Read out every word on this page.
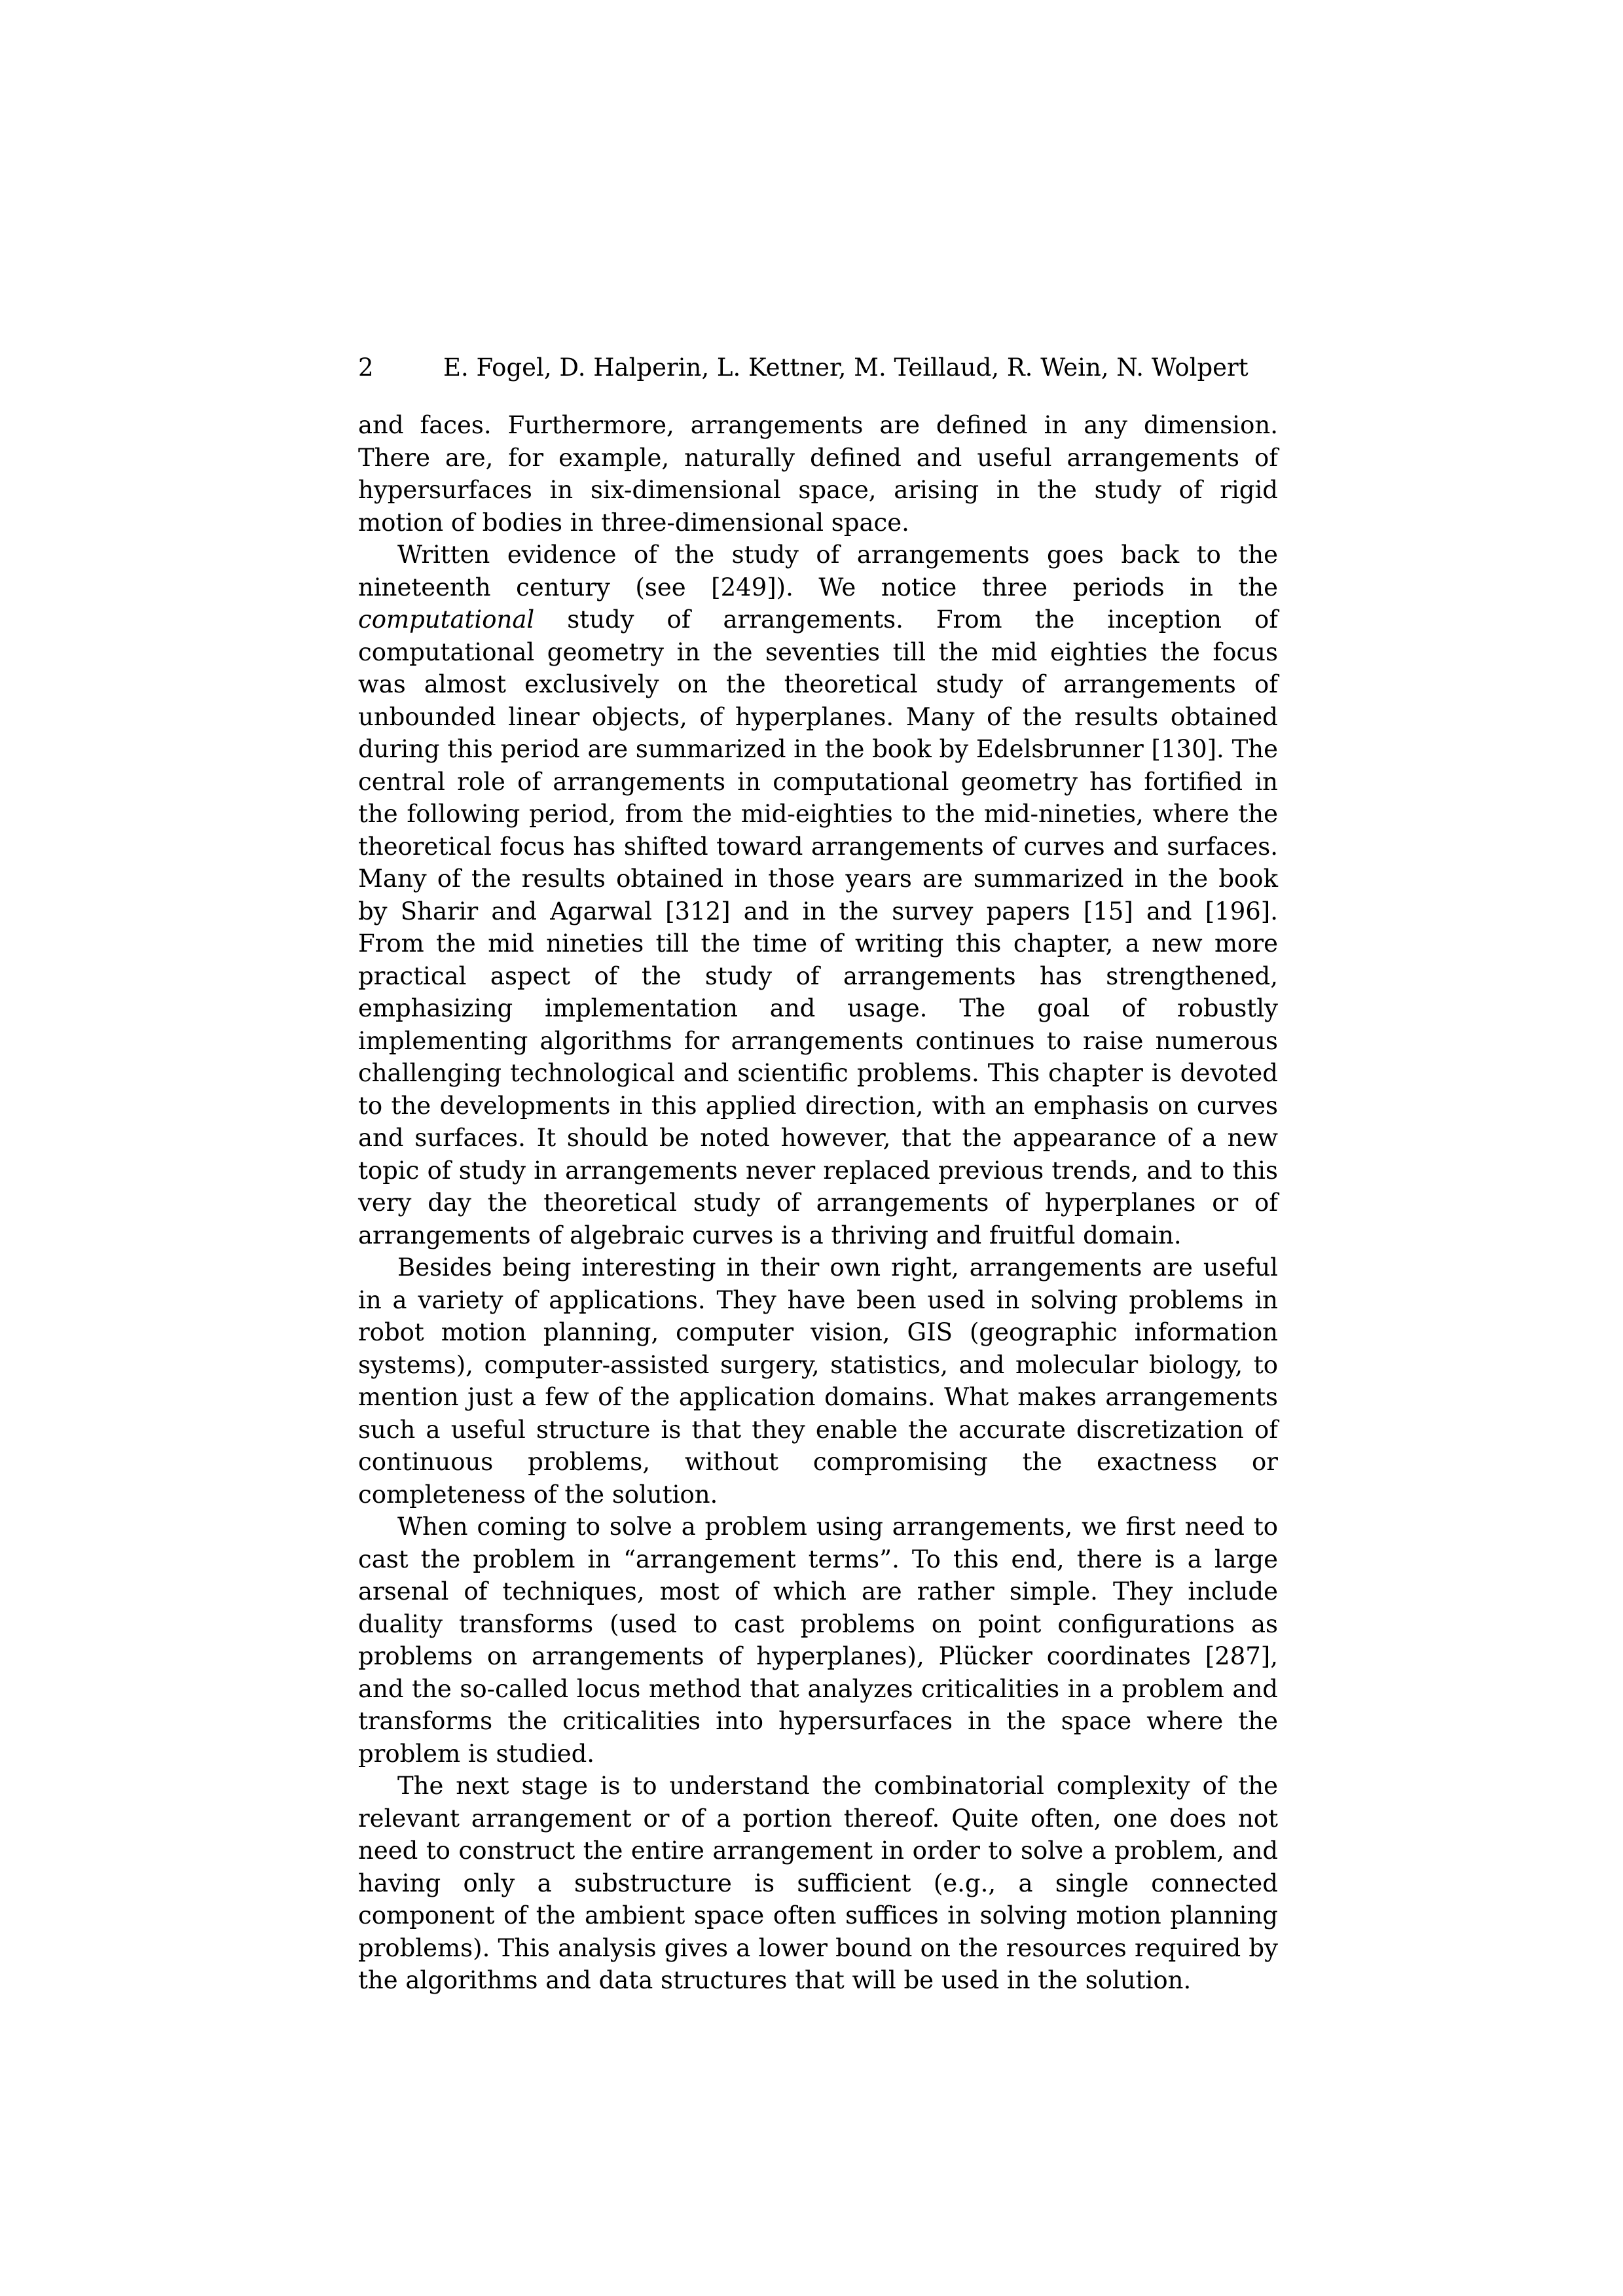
2	E. Fogel, D. Halperin, L. Kettner, M. Teillaud, R. Wein, N. Wolpert

and faces. Furthermore, arrangements are defined in any dimension. There are, for example, naturally defined and useful arrangements of hypersurfaces in six-dimensional space, arising in the study of rigid motion of bodies in three-dimensional space.

Written evidence of the study of arrangements goes back to the nineteenth century (see [249]). We notice three periods in the computational study of arrangements. From the inception of computational geometry in the seventies till the mid eighties the focus was almost exclusively on the theoretical study of arrangements of unbounded linear objects, of hyperplanes. Many of the results obtained during this period are summarized in the book by Edelsbrunner [130]. The central role of arrangements in computational geometry has fortified in the following period, from the mid-eighties to the mid-nineties, where the theoretical focus has shifted toward arrangements of curves and surfaces. Many of the results obtained in those years are summarized in the book by Sharir and Agarwal [312] and in the survey papers [15] and [196]. From the mid nineties till the time of writing this chapter, a new more practical aspect of the study of arrangements has strengthened, emphasizing implementation and usage. The goal of robustly implementing algorithms for arrangements continues to raise numerous challenging technological and scientific problems. This chapter is devoted to the developments in this applied direction, with an emphasis on curves and surfaces. It should be noted however, that the appearance of a new topic of study in arrangements never replaced previous trends, and to this very day the theoretical study of arrangements of hyperplanes or of arrangements of algebraic curves is a thriving and fruitful domain.

Besides being interesting in their own right, arrangements are useful in a variety of applications. They have been used in solving problems in robot motion planning, computer vision, GIS (geographic information systems), computer-assisted surgery, statistics, and molecular biology, to mention just a few of the application domains. What makes arrangements such a useful structure is that they enable the accurate discretization of continuous problems, without compromising the exactness or completeness of the solution.

When coming to solve a problem using arrangements, we first need to cast the problem in “arrangement terms”. To this end, there is a large arsenal of techniques, most of which are rather simple. They include duality transforms (used to cast problems on point configurations as problems on arrangements of hyperplanes), Plücker coordinates [287], and the so-called locus method that analyzes criticalities in a problem and transforms the criticalities into hypersurfaces in the space where the problem is studied.

The next stage is to understand the combinatorial complexity of the relevant arrangement or of a portion thereof. Quite often, one does not need to construct the entire arrangement in order to solve a problem, and having only a substructure is sufficient (e.g., a single connected component of the ambient space often suffices in solving motion planning problems). This analysis gives a lower bound on the resources required by the algorithms and data structures that will be used in the solution.
